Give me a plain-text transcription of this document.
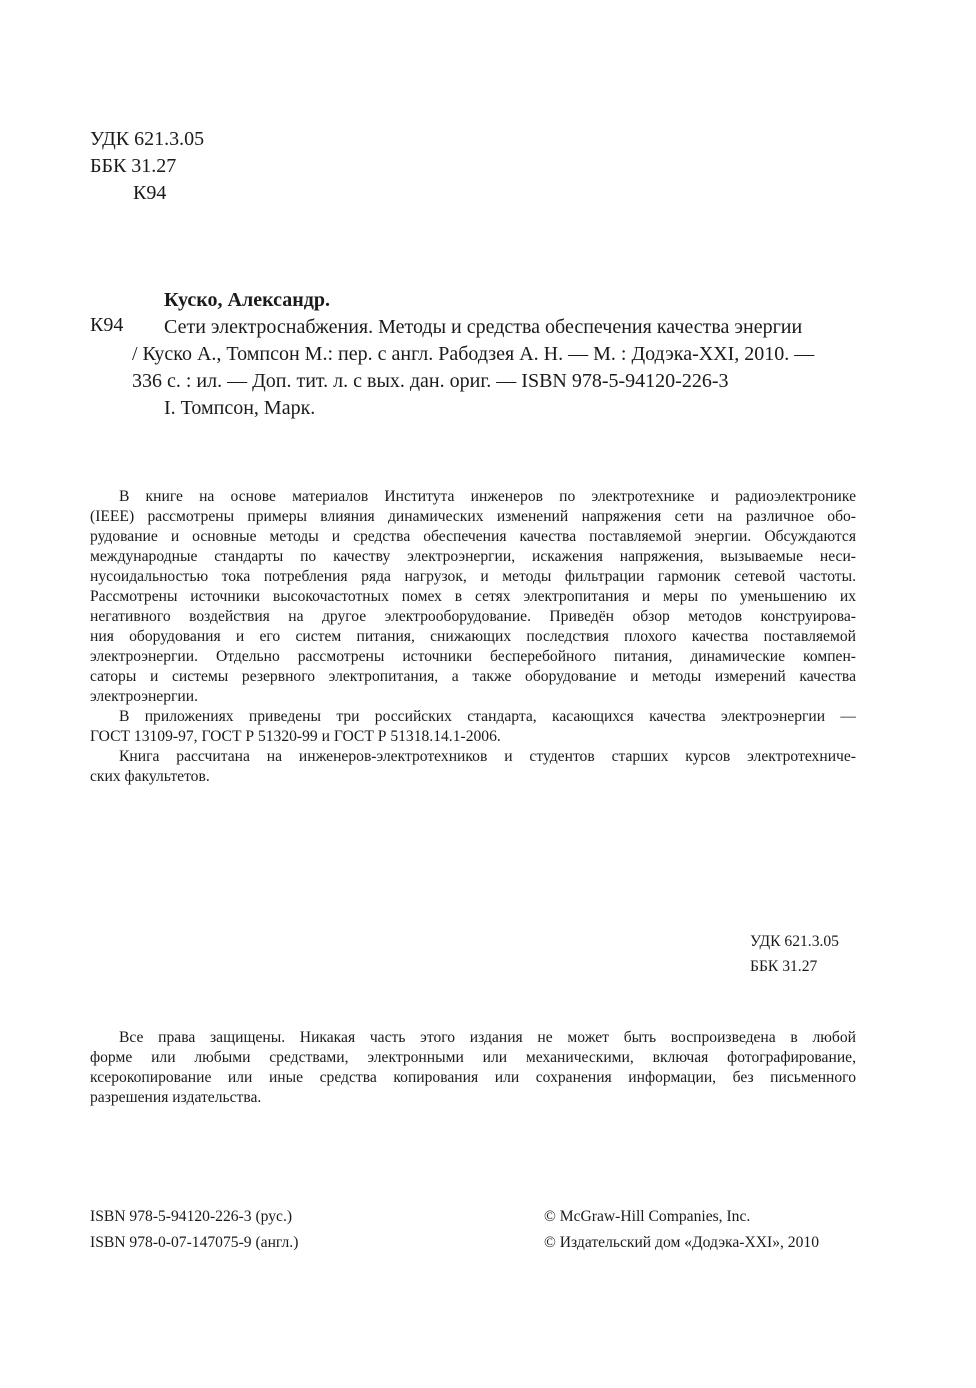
УДК 621.3.05
ББК 31.27
К94
К94
Куско, Александр.
Сети электроснабжения. Методы и средства обеспечения качества энергии
/ Куско А., Томпсон М.: пер. с англ. Рабодзея А. Н. — М. : Додэка-XXI, 2010. —
336 с. : ил. — Доп. тит. л. с вых. дан. ориг. — ISBN 978-5-94120-226-3
I. Томпсон, Марк.
В книге на основе материалов Института инженеров по электротехнике и радиоэлектронике
(IEEE) рассмотрены примеры влияния динамических изменений напряжения сети на различное обо-
рудование и основные методы и средства обеспечения качества поставляемой энергии. Обсуждаются
международные стандарты по качеству электроэнергии, искажения напряжения, вызываемые неси-
нусоидальностью тока потребления ряда нагрузок, и методы фильтрации гармоник сетевой частоты.
Рассмотрены источники высокочастотных помех в сетях электропитания и меры по уменьшению их
негативного воздействия на другое электрооборудование. Приведён обзор методов конструирова-
ния оборудования и его систем питания, снижающих последствия плохого качества поставляемой
электроэнергии. Отдельно рассмотрены источники бесперебойного питания, динамические компен-
саторы и системы резервного электропитания, а также оборудование и методы измерений качества
электроэнергии.
В приложениях приведены три российских стандарта, касающихся качества электроэнергии —
ГОСТ 13109-97, ГОСТ Р 51320-99 и ГОСТ Р 51318.14.1-2006.
Книга рассчитана на инженеров-электротехников и студентов старших курсов электротехниче-
ских факультетов.
УДК 621.3.05
ББК 31.27
Все права защищены. Никакая часть этого издания не может быть воспроизведена в любой
форме или любыми средствами, электронными или механическими, включая фотографирование,
ксерокопирование или иные средства копирования или сохранения информации, без письменного
разрешения издательства.
ISBN 978-5-94120-226-3 (рус.)
ISBN 978-0-07-147075-9 (англ.)
© McGraw-Hill Companies, Inc.
© Издательский дом «Додэка-XXI», 2010
